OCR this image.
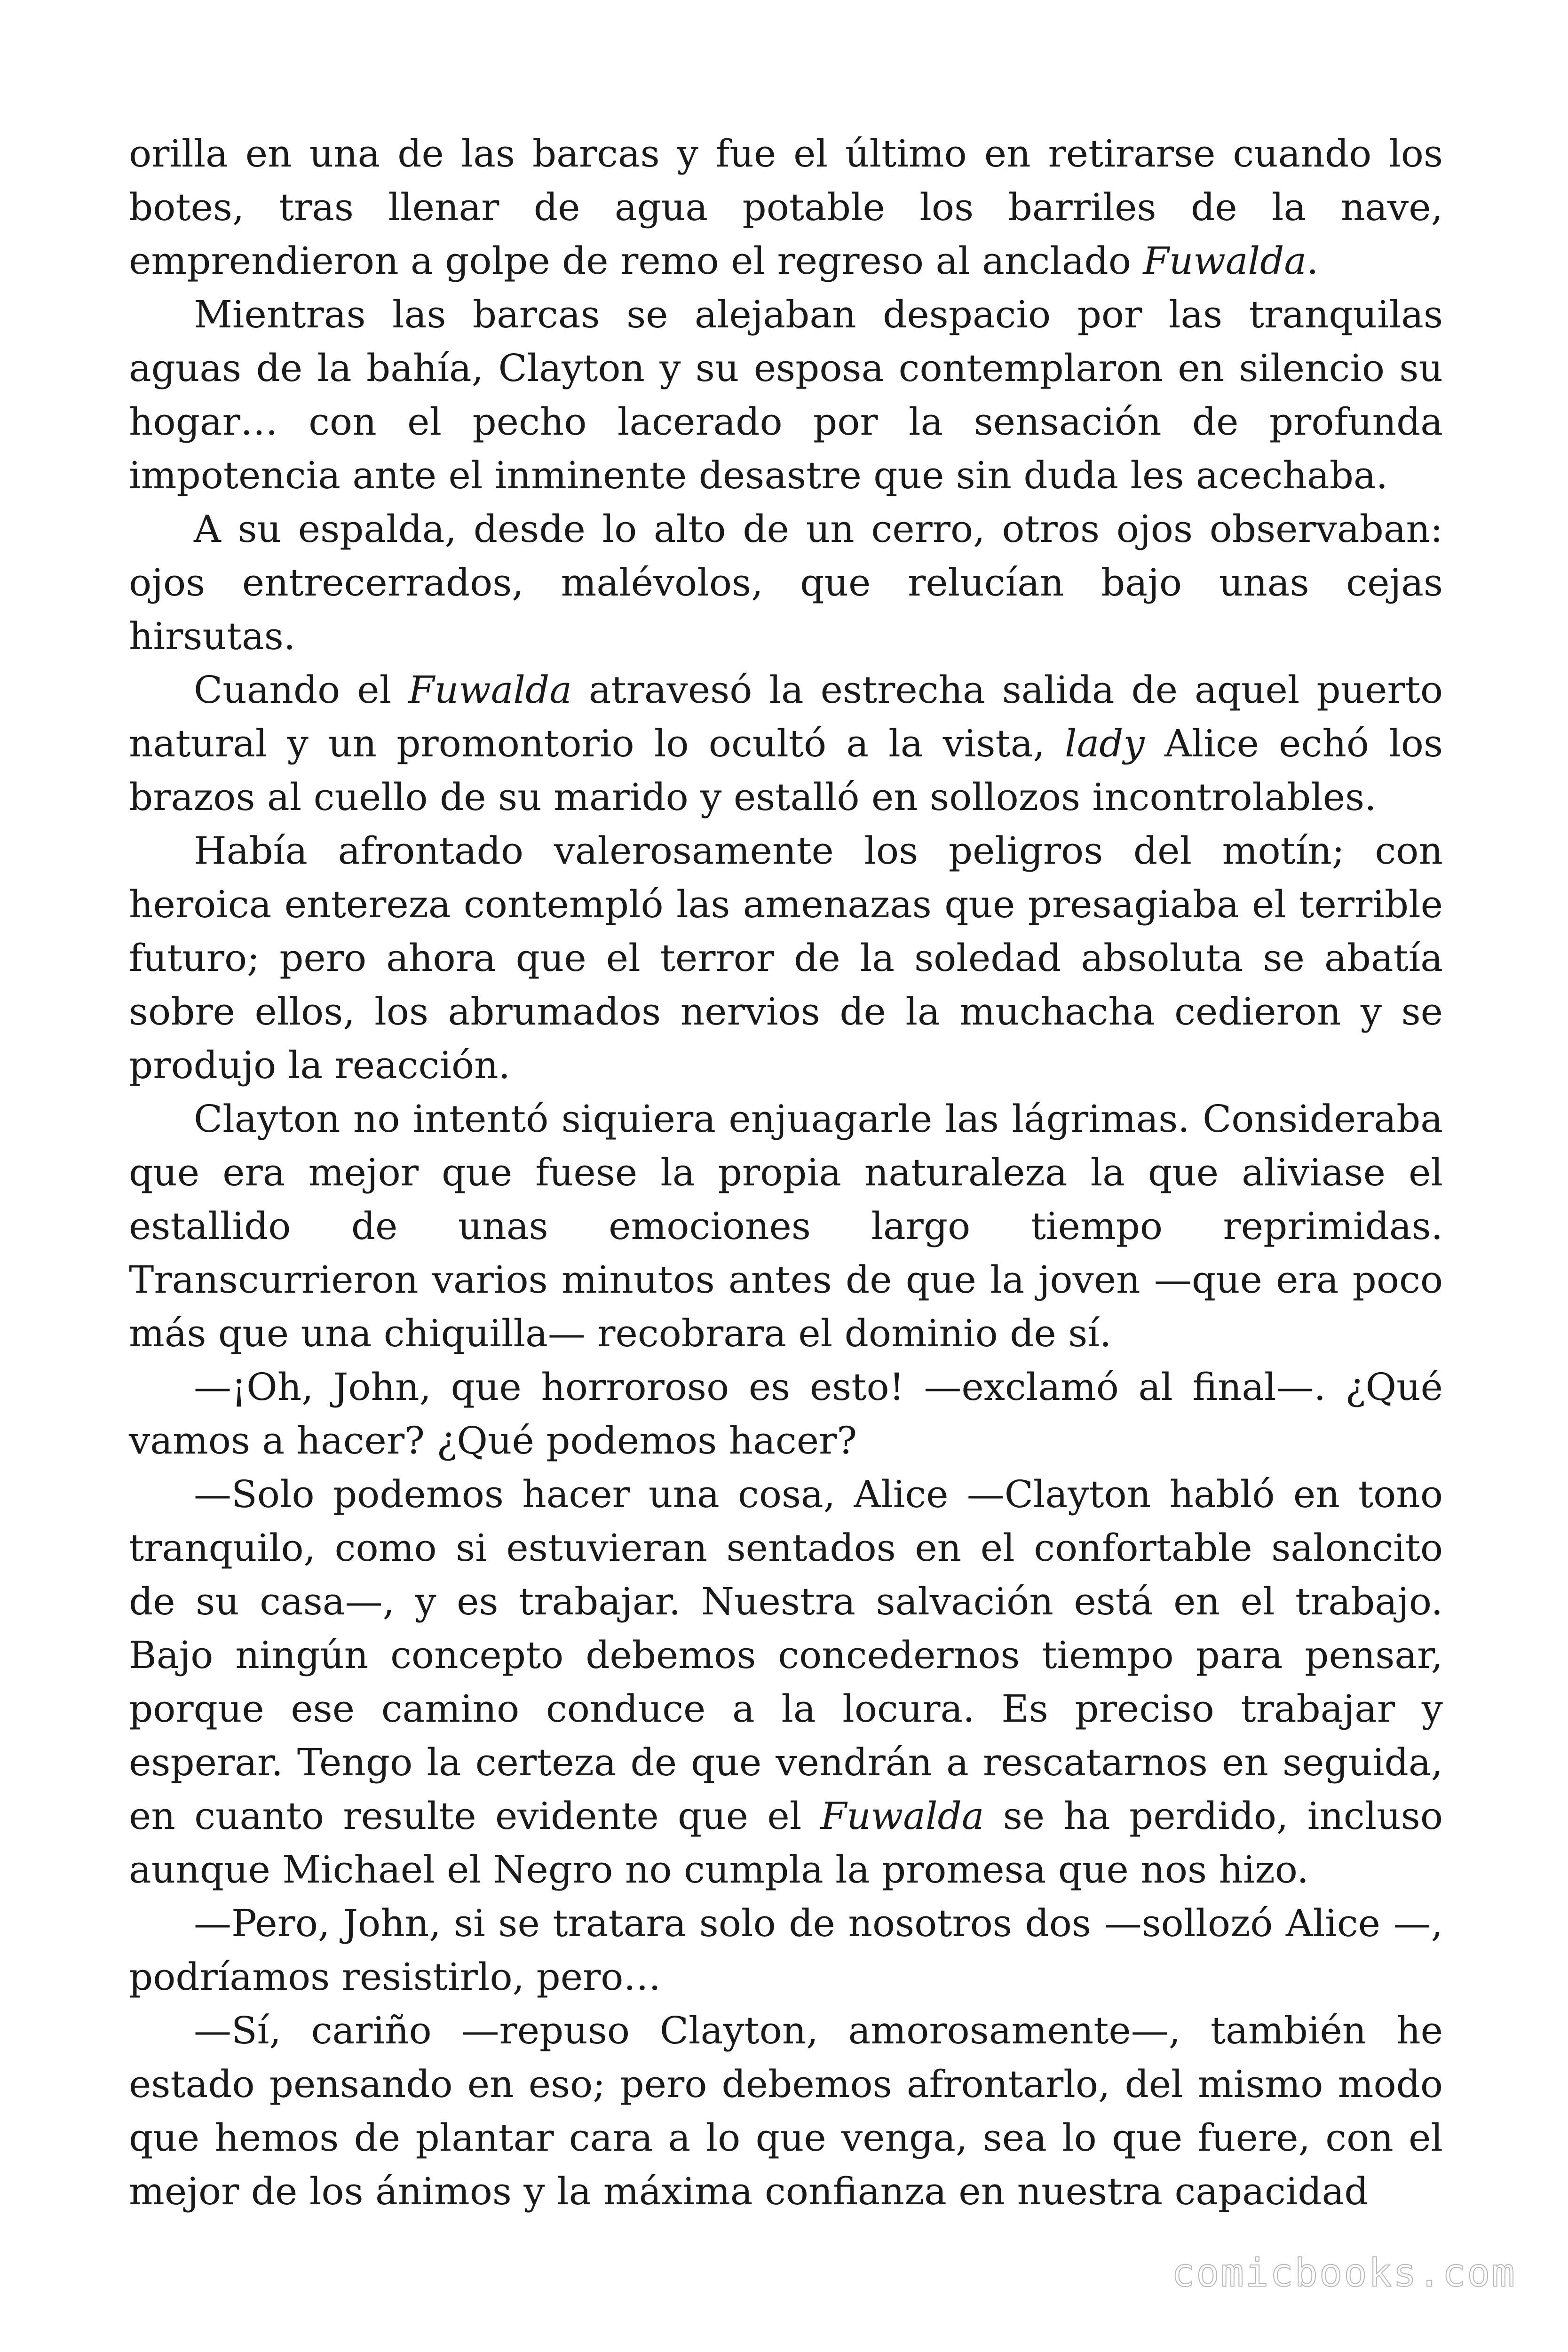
orilla en una de las barcas y fue el último en retirarse cuando los botes, tras llenar de agua potable los barriles de la nave, emprendieron a golpe de remo el regreso al anclado Fuwalda.

Mientras las barcas se alejaban despacio por las tranquilas aguas de la bahía, Clayton y su esposa contemplaron en silencio su hogar… con el pecho lacerado por la sensación de profunda impotencia ante el inminente desastre que sin duda les acechaba.

A su espalda, desde lo alto de un cerro, otros ojos observaban: ojos entrecerrados, malévolos, que relucían bajo unas cejas hirsutas.

Cuando el Fuwalda atravesó la estrecha salida de aquel puerto natural y un promontorio lo ocultó a la vista, lady Alice echó los brazos al cuello de su marido y estalló en sollozos incontrolables.

Había afrontado valerosamente los peligros del motín; con heroica entereza contempló las amenazas que presagiaba el terrible futuro; pero ahora que el terror de la soledad absoluta se abatía sobre ellos, los abrumados nervios de la muchacha cedieron y se produjo la reacción.

Clayton no intentó siquiera enjuagarle las lágrimas. Consideraba que era mejor que fuese la propia naturaleza la que aliviase el estallido de unas emociones largo tiempo reprimidas. Transcurrieron varios minutos antes de que la joven —que era poco más que una chiquilla— recobrara el dominio de sí.

—¡Oh, John, que horroroso es esto! —exclamó al final—. ¿Qué vamos a hacer? ¿Qué podemos hacer?

—Solo podemos hacer una cosa, Alice —Clayton habló en tono tranquilo, como si estuvieran sentados en el confortable saloncito de su casa—, y es trabajar. Nuestra salvación está en el trabajo. Bajo ningún concepto debemos concedernos tiempo para pensar, porque ese camino conduce a la locura. Es preciso trabajar y esperar. Tengo la certeza de que vendrán a rescatarnos en seguida, en cuanto resulte evidente que el Fuwalda se ha perdido, incluso aunque Michael el Negro no cumpla la promesa que nos hizo.

—Pero, John, si se tratara solo de nosotros dos —sollozó Alice —, podríamos resistirlo, pero…

—Sí, cariño —repuso Clayton, amorosamente—, también he estado pensando en eso; pero debemos afrontarlo, del mismo modo que hemos de plantar cara a lo que venga, sea lo que fuere, con el mejor de los ánimos y la máxima confianza en nuestra capacidad

comicbooks.com
